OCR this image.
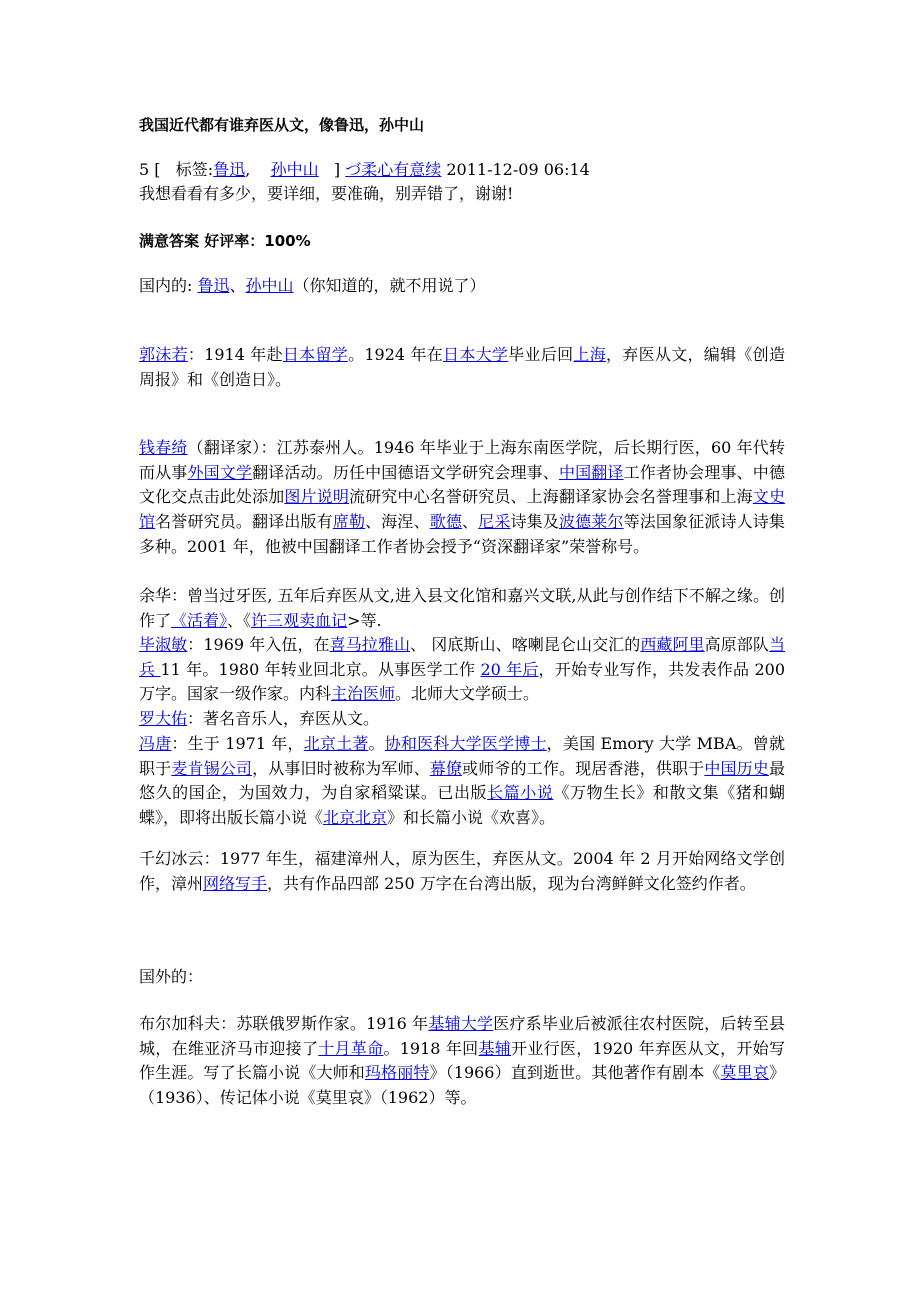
我国近代都有谁弃医从文，像鲁迅，孙中山
5 [ 标签:鲁迅,    孙中山 ] づ柔心有意续 2011-12-09 06:14
我想看看有多少，要详细，要准确，别弄错了，谢谢!
满意答案 好评率：100%
国内的: 鲁迅、孙中山（你知道的，就不用说了）
郭沫若：1914 年赴日本留学。1924 年在日本大学毕业后回上海，弃医从文，编辑《创造周报》和《创造日》。
钱春绮（翻译家）：江苏泰州人。1946 年毕业于上海东南医学院，后长期行医，60 年代转而从事外国文学翻译活动。历任中国德语文学研究会理事、中国翻译工作者协会理事、中德文化交点击此处添加图片说明流研究中心名誉研究员、上海翻译家协会名誉理事和上海文史馆名誉研究员。翻译出版有席勒、海涅、歌德、尼采诗集及波德莱尔等法国象征派诗人诗集多种。2001 年，他被中国翻译工作者协会授予“资深翻译家”荣誉称号。
余华：曾当过牙医, 五年后弃医从文,进入县文化馆和嘉兴文联,从此与创作结下不解之缘。创作了《活着》、《许三观卖血记>等.
毕淑敏：1969 年入伍，在喜马拉雅山、 冈底斯山、喀喇昆仑山交汇的西藏阿里高原部队当兵 11 年。1980 年转业回北京。从事医学工作 20 年后，开始专业写作，共发表作品 200 万字。国家一级作家。内科主治医师。北师大文学硕士。
罗大佑：著名音乐人，弃医从文。
冯唐：生于 1971 年，北京土著。协和医科大学医学博士，美国 Emory 大学 MBA。曾就职于麦肯锡公司，从事旧时被称为军师、幕僚或师爷的工作。现居香港，供职于中国历史最悠久的国企，为国效力，为自家稻粱谋。已出版长篇小说《万物生长》和散文集《猪和蝴蝶》，即将出版长篇小说《北京北京》和长篇小说《欢喜》。
千幻冰云：1977 年生，福建漳州人，原为医生，弃医从文。2004 年 2 月开始网络文学创作，漳州网络写手，共有作品四部 250 万字在台湾出版，现为台湾鲜鲜文化签约作者。
国外的：
布尔加科夫：苏联俄罗斯作家。1916 年基辅大学医疗系毕业后被派往农村医院，后转至县城，在维亚济马市迎接了十月革命。1918 年回基辅开业行医，1920 年弃医从文，开始写作生涯。写了长篇小说《大师和玛格丽特》（1966）直到逝世。其他著作有剧本《莫里哀》（1936）、传记体小说《莫里哀》（1962）等。
